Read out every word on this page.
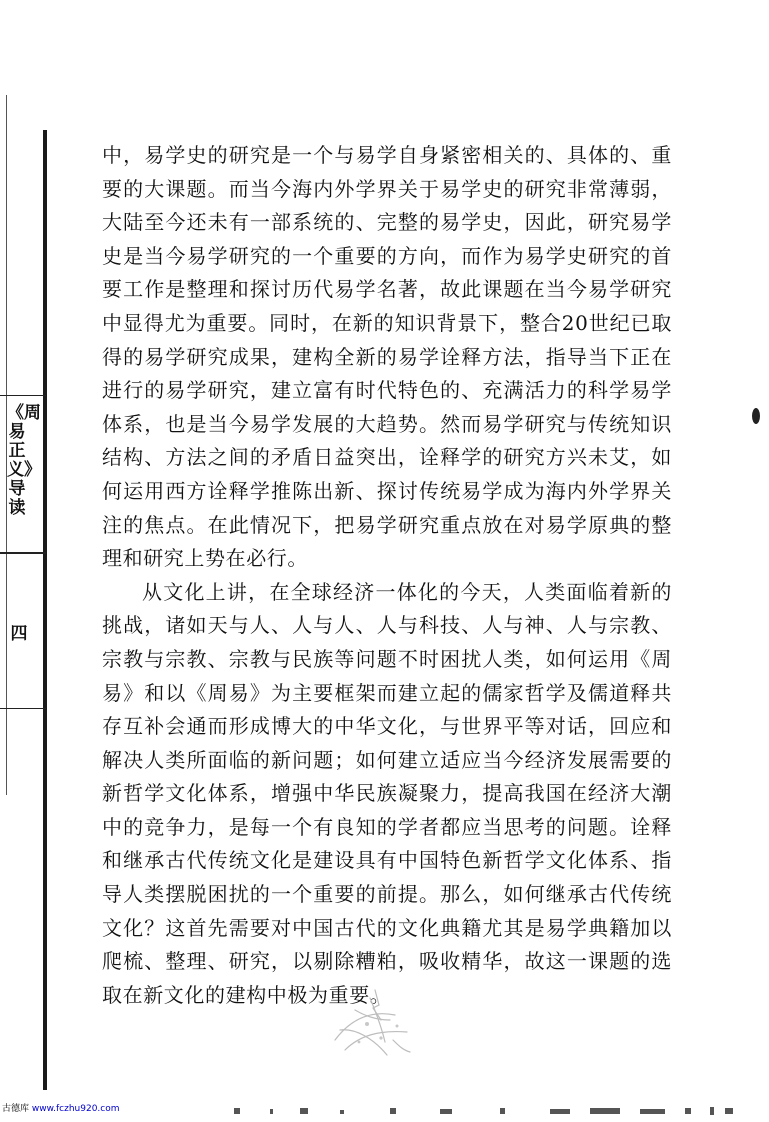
《周易正义》导读
四

中，易学史的研究是一个与易学自身紧密相关的、具体的、重要的大课题。而当今海内外学界关于易学史的研究非常薄弱，大陆至今还未有一部系统的、完整的易学史，因此，研究易学史是当今易学研究的一个重要的方向，而作为易学史研究的首要工作是整理和探讨历代易学名著，故此课题在当今易学研究中显得尤为重要。同时，在新的知识背景下，整合20世纪已取得的易学研究成果，建构全新的易学诠释方法，指导当下正在进行的易学研究，建立富有时代特色的、充满活力的科学易学体系，也是当今易学发展的大趋势。然而易学研究与传统知识结构、方法之间的矛盾日益突出，诠释学的研究方兴未艾，如何运用西方诠释学推陈出新、探讨传统易学成为海内外学界关注的焦点。在此情况下，把易学研究重点放在对易学原典的整理和研究上势在必行。

从文化上讲，在全球经济一体化的今天，人类面临着新的挑战，诸如天与人、人与人、人与科技、人与神、人与宗教、宗教与宗教、宗教与民族等问题不时困扰人类，如何运用《周易》和以《周易》为主要框架而建立起的儒家哲学及儒道释共存互补会通而形成博大的中华文化，与世界平等对话，回应和解决人类所面临的新问题；如何建立适应当今经济发展需要的新哲学文化体系，增强中华民族凝聚力，提高我国在经济大潮中的竞争力，是每一个有良知的学者都应当思考的问题。诠释和继承古代传统文化是建设具有中国特色新哲学文化体系、指导人类摆脱困扰的一个重要的前提。那么，如何继承古代传统文化？这首先需要对中国古代的文化典籍尤其是易学典籍加以爬梳、整理、研究，以剔除糟粕，吸收精华，故这一课题的选取在新文化的建构中极为重要。

古德库 www.fczhu920.com
